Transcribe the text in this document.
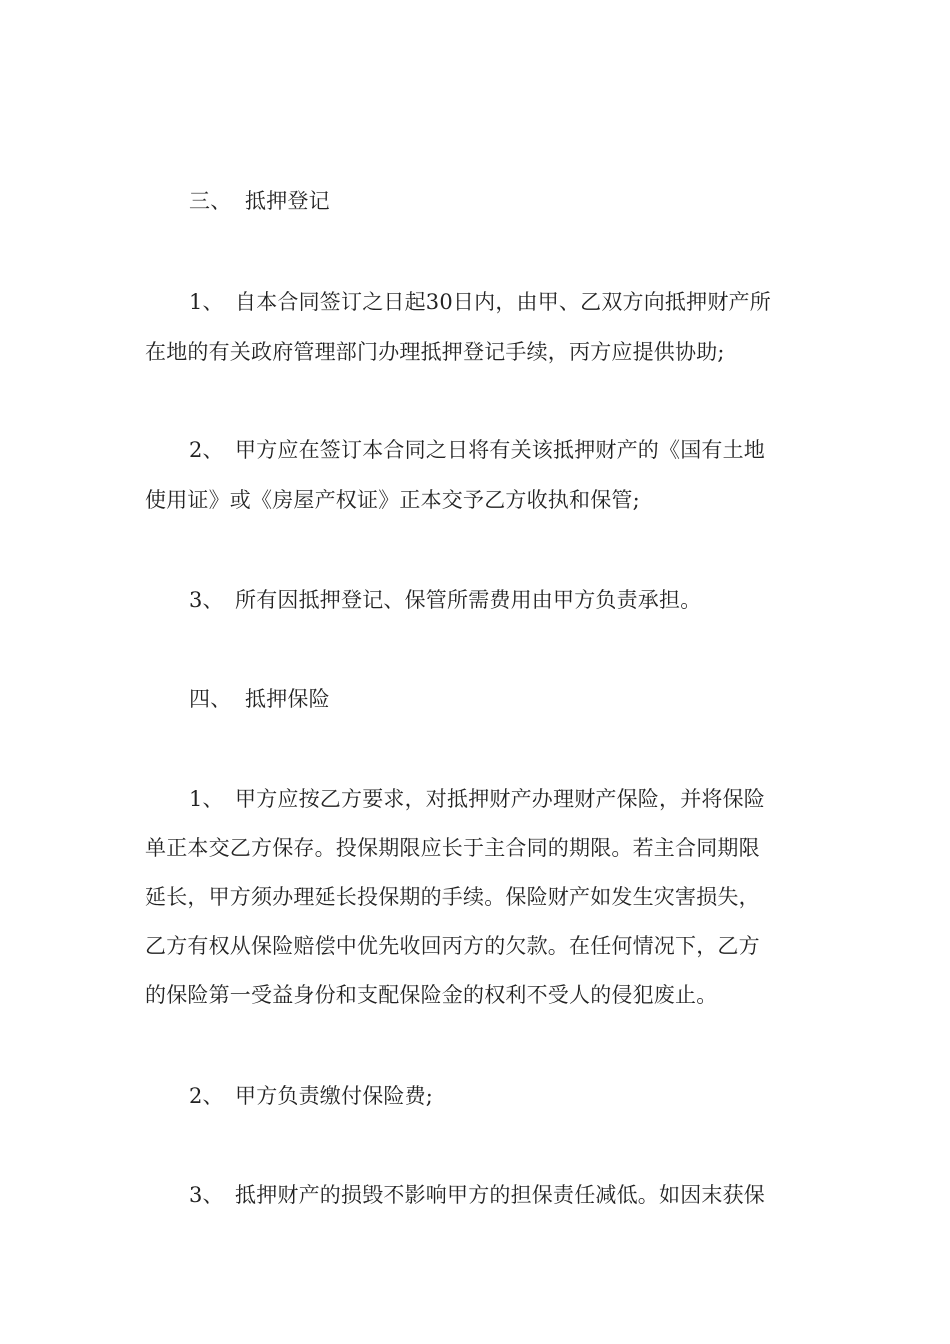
三、 抵押登记
1、 自本合同签订之日起30日内，由甲、乙双方向抵押财产所
在地的有关政府管理部门办理抵押登记手续，丙方应提供协助;
2、 甲方应在签订本合同之日将有关该抵押财产的《国有土地
使用证》或《房屋产权证》正本交予乙方收执和保管;
3、 所有因抵押登记、保管所需费用由甲方负责承担。
四、 抵押保险
1、 甲方应按乙方要求，对抵押财产办理财产保险，并将保险
单正本交乙方保存。投保期限应长于主合同的期限。若主合同期限
延长，甲方须办理延长投保期的手续。保险财产如发生灾害损失，
乙方有权从保险赔偿中优先收回丙方的欠款。在任何情况下，乙方
的保险第一受益身份和支配保险金的权利不受人的侵犯废止。
2、 甲方负责缴付保险费;
3、 抵押财产的损毁不影响甲方的担保责任减低。如因末获保
